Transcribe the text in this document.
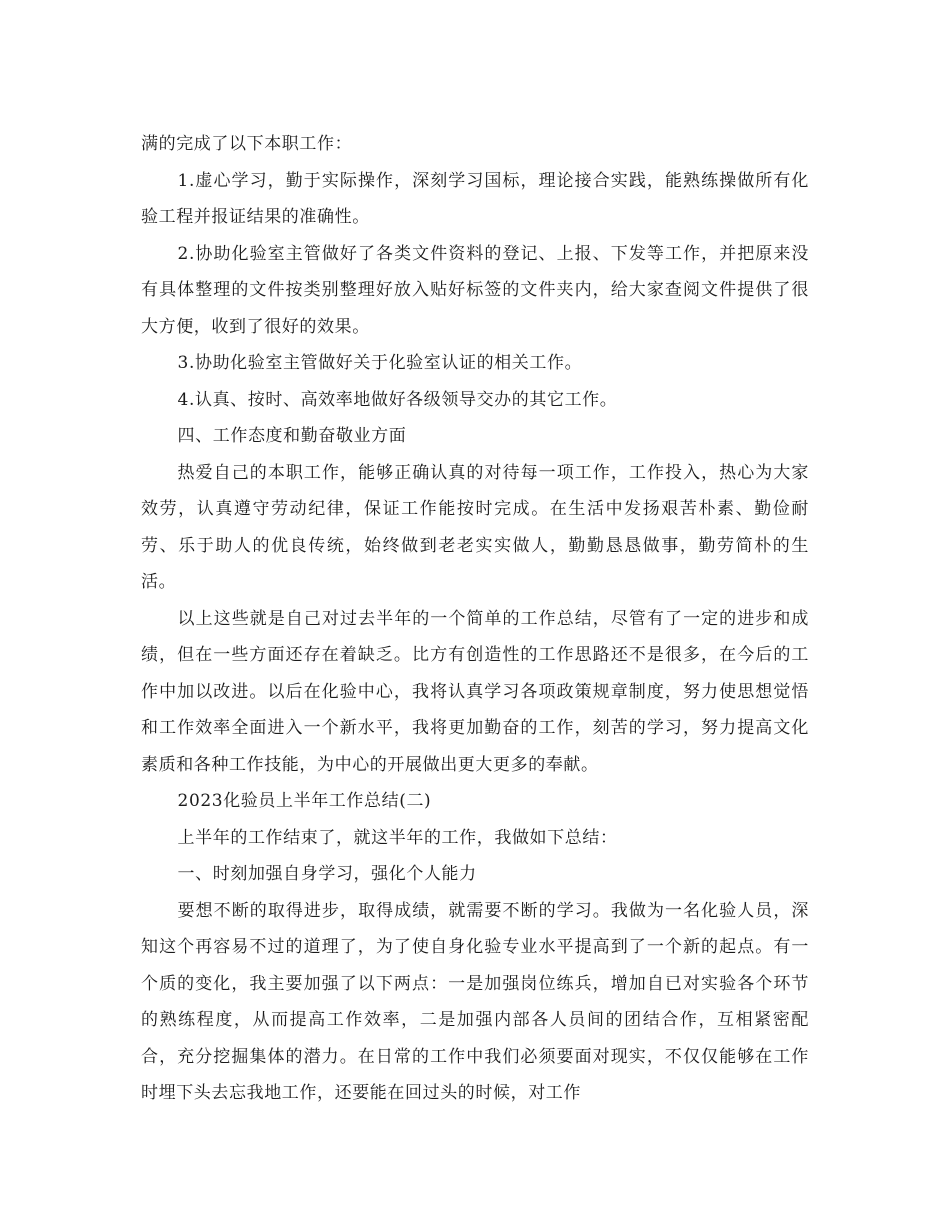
满的完成了以下本职工作：

1.虚心学习，勤于实际操作，深刻学习国标，理论接合实践，能熟练操做所有化验工程并报证结果的准确性。

2.协助化验室主管做好了各类文件资料的登记、上报、下发等工作，并把原来没有具体整理的文件按类别整理好放入贴好标签的文件夹内，给大家查阅文件提供了很大方便，收到了很好的效果。

3.协助化验室主管做好关于化验室认证的相关工作。

4.认真、按时、高效率地做好各级领导交办的其它工作。

四、工作态度和勤奋敬业方面

热爱自己的本职工作，能够正确认真的对待每一项工作，工作投入，热心为大家效劳，认真遵守劳动纪律，保证工作能按时完成。在生活中发扬艰苦朴素、勤俭耐劳、乐于助人的优良传统，始终做到老老实实做人，勤勤恳恳做事，勤劳简朴的生活。

以上这些就是自己对过去半年的一个简单的工作总结，尽管有了一定的进步和成绩，但在一些方面还存在着缺乏。比方有创造性的工作思路还不是很多，在今后的工作中加以改进。以后在化验中心，我将认真学习各项政策规章制度，努力使思想觉悟和工作效率全面进入一个新水平，我将更加勤奋的工作，刻苦的学习，努力提高文化素质和各种工作技能，为中心的开展做出更大更多的奉献。

2023化验员上半年工作总结(二)

上半年的工作结束了，就这半年的工作，我做如下总结：

一、时刻加强自身学习，强化个人能力

要想不断的取得进步，取得成绩，就需要不断的学习。我做为一名化验人员，深知这个再容易不过的道理了，为了使自身化验专业水平提高到了一个新的起点。有一个质的变化，我主要加强了以下两点：一是加强岗位练兵，增加自已对实验各个环节的熟练程度，从而提高工作效率，二是加强内部各人员间的团结合作，互相紧密配合，充分挖掘集体的潜力。在日常的工作中我们必须要面对现实，不仅仅能够在工作时埋下头去忘我地工作，还要能在回过头的时候，对工作
